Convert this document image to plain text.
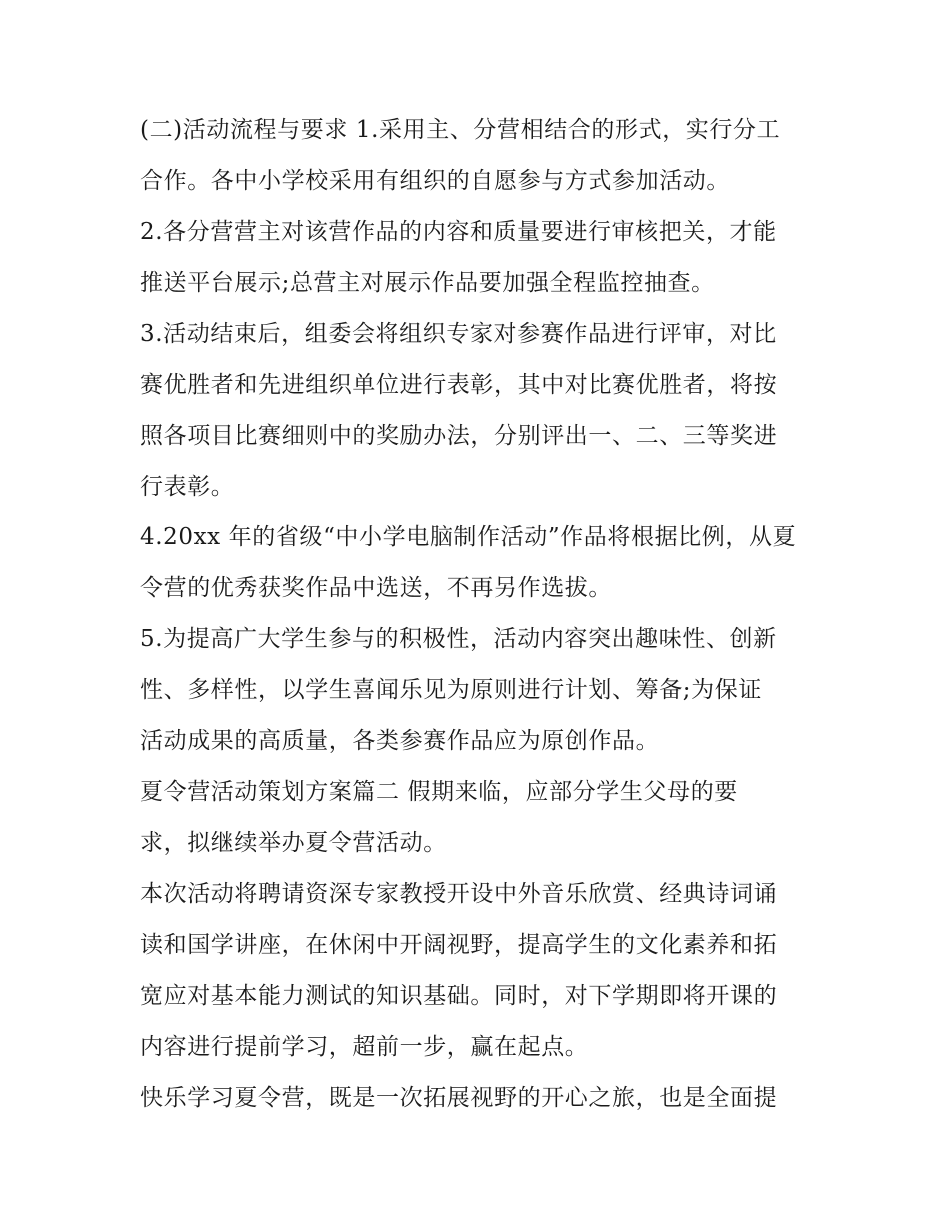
(二)活动流程与要求 1.采用主、分营相结合的形式，实行分工
合作。各中小学校采用有组织的自愿参与方式参加活动。
2.各分营营主对该营作品的内容和质量要进行审核把关，才能
推送平台展示;总营主对展示作品要加强全程监控抽查。
3.活动结束后，组委会将组织专家对参赛作品进行评审，对比
赛优胜者和先进组织单位进行表彰，其中对比赛优胜者，将按
照各项目比赛细则中的奖励办法，分别评出一、二、三等奖进
行表彰。
4.20xx 年的省级“中小学电脑制作活动”作品将根据比例，从夏
令营的优秀获奖作品中选送，不再另作选拔。
5.为提高广大学生参与的积极性，活动内容突出趣味性、创新
性、多样性，以学生喜闻乐见为原则进行计划、筹备;为保证
活动成果的高质量，各类参赛作品应为原创作品。
夏令营活动策划方案篇二 假期来临，应部分学生父母的要
求，拟继续举办夏令营活动。
本次活动将聘请资深专家教授开设中外音乐欣赏、经典诗词诵
读和国学讲座，在休闲中开阔视野，提高学生的文化素养和拓
宽应对基本能力测试的知识基础。同时，对下学期即将开课的
内容进行提前学习，超前一步，赢在起点。
快乐学习夏令营，既是一次拓展视野的开心之旅，也是全面提
